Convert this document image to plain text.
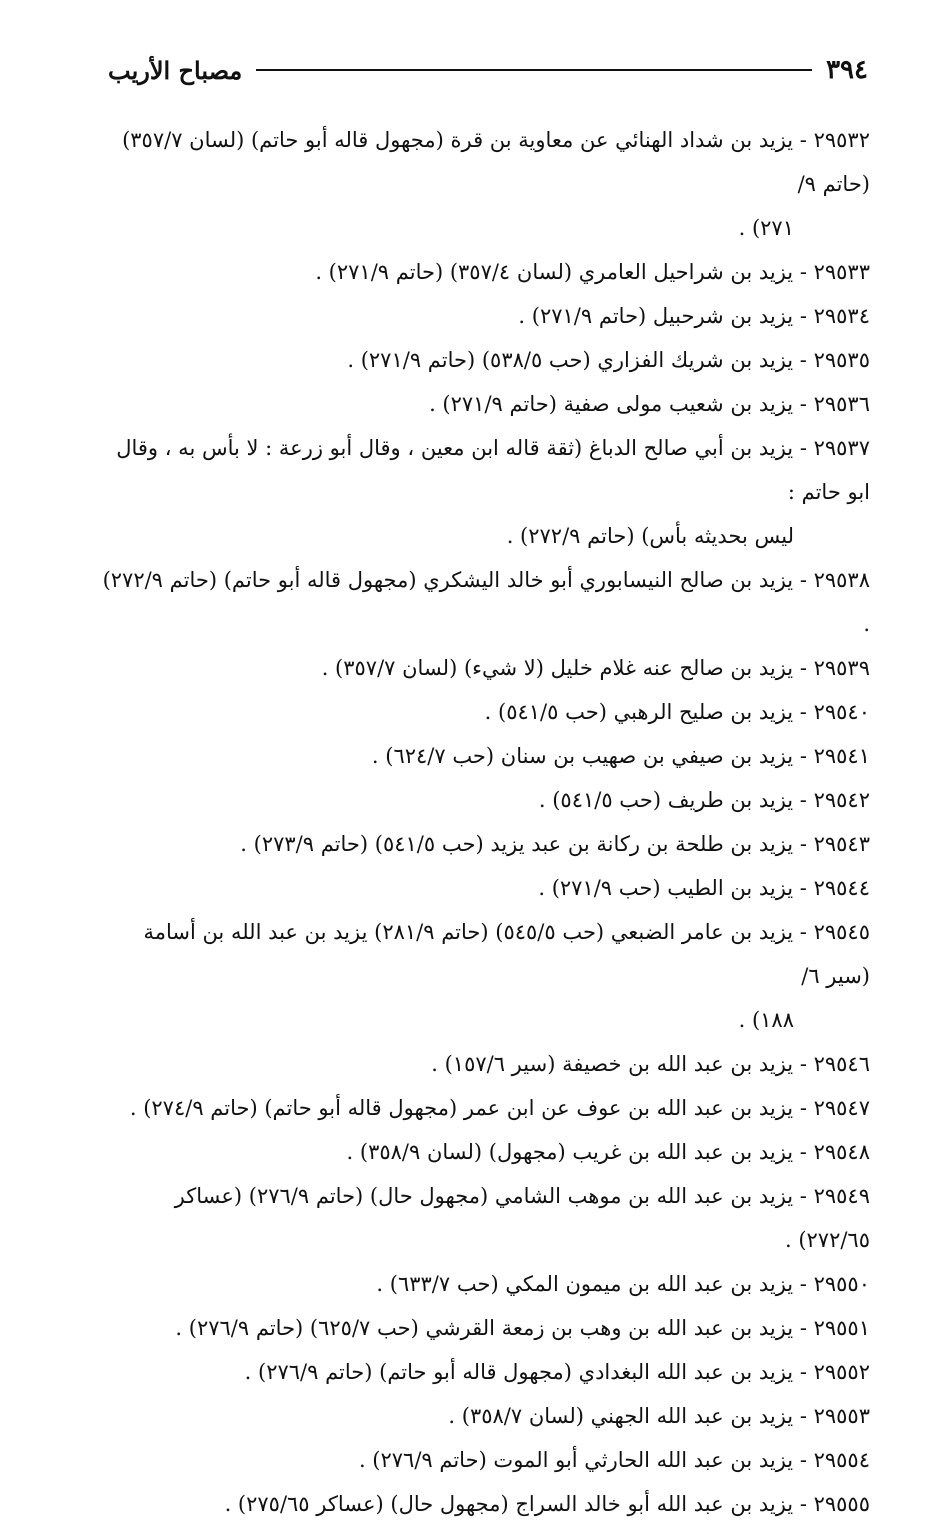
٣٩٤
مصباح الأريب
٢٩٥٣٢ - يزيد بن شداد الهنائي عن معاوية بن قرة (مجهول قاله أبو حاتم) (لسان ٣٥٧/٧) (حاتم ٩/
٢٧١) .
٢٩٥٣٣ - يزيد بن شراحيل العامري (لسان ٣٥٧/٤) (حاتم ٢٧١/٩) .
٢٩٥٣٤ - يزيد بن شرحبيل (حاتم ٢٧١/٩) .
٢٩٥٣٥ - يزيد بن شريك الفزاري (حب ٥٣٨/٥) (حاتم ٢٧١/٩) .
٢٩٥٣٦ - يزيد بن شعيب مولى صفية (حاتم ٢٧١/٩) .
٢٩٥٣٧ - يزيد بن أبي صالح الدباغ (ثقة قاله ابن معين ، وقال أبو زرعة : لا بأس به ، وقال ابو حاتم :
ليس بحديثه بأس) (حاتم ٢٧٢/٩) .
٢٩٥٣٨ - يزيد بن صالح النيسابوري أبو خالد اليشكري (مجهول قاله أبو حاتم) (حاتم ٢٧٢/٩) .
٢٩٥٣٩ - يزيد بن صالح عنه غلام خليل (لا شيء) (لسان ٣٥٧/٧) .
٢٩٥٤٠ - يزيد بن صليح الرهبي (حب ٥٤١/٥) .
٢٩٥٤١ - يزيد بن صيفي بن صهيب بن سنان (حب ٦٢٤/٧) .
٢٩٥٤٢ - يزيد بن طريف (حب ٥٤١/٥) .
٢٩٥٤٣ - يزيد بن طلحة بن ركانة بن عبد يزيد (حب ٥٤١/٥) (حاتم ٢٧٣/٩) .
٢٩٥٤٤ - يزيد بن الطيب (حب ٢٧١/٩) .
٢٩٥٤٥ - يزيد بن عامر الضبعي (حب ٥٤٥/٥) (حاتم ٢٨١/٩) يزيد بن عبد الله بن أسامة (سير ٦/
١٨٨) .
٢٩٥٤٦ - يزيد بن عبد الله بن خصيفة (سير ١٥٧/٦) .
٢٩٥٤٧ - يزيد بن عبد الله بن عوف عن ابن عمر (مجهول قاله أبو حاتم) (حاتم ٢٧٤/٩) .
٢٩٥٤٨ - يزيد بن عبد الله بن غريب (مجهول) (لسان ٣٥٨/٩) .
٢٩٥٤٩ - يزيد بن عبد الله بن موهب الشامي (مجهول حال) (حاتم ٢٧٦/٩) (عساكر ٢٧٢/٦٥) .
٢٩٥٥٠ - يزيد بن عبد الله بن ميمون المكي (حب ٦٣٣/٧) .
٢٩٥٥١ - يزيد بن عبد الله بن وهب بن زمعة القرشي (حب ٦٢٥/٧) (حاتم ٢٧٦/٩) .
٢٩٥٥٢ - يزيد بن عبد الله البغدادي (مجهول قاله أبو حاتم) (حاتم ٢٧٦/٩) .
٢٩٥٥٣ - يزيد بن عبد الله الجهني (لسان ٣٥٨/٧) .
٢٩٥٥٤ - يزيد بن عبد الله الحارثي أبو الموت (حاتم ٢٧٦/٩) .
٢٩٥٥٥ - يزيد بن عبد الله أبو خالد السراج (مجهول حال) (عساكر ٢٧٥/٦٥) .
